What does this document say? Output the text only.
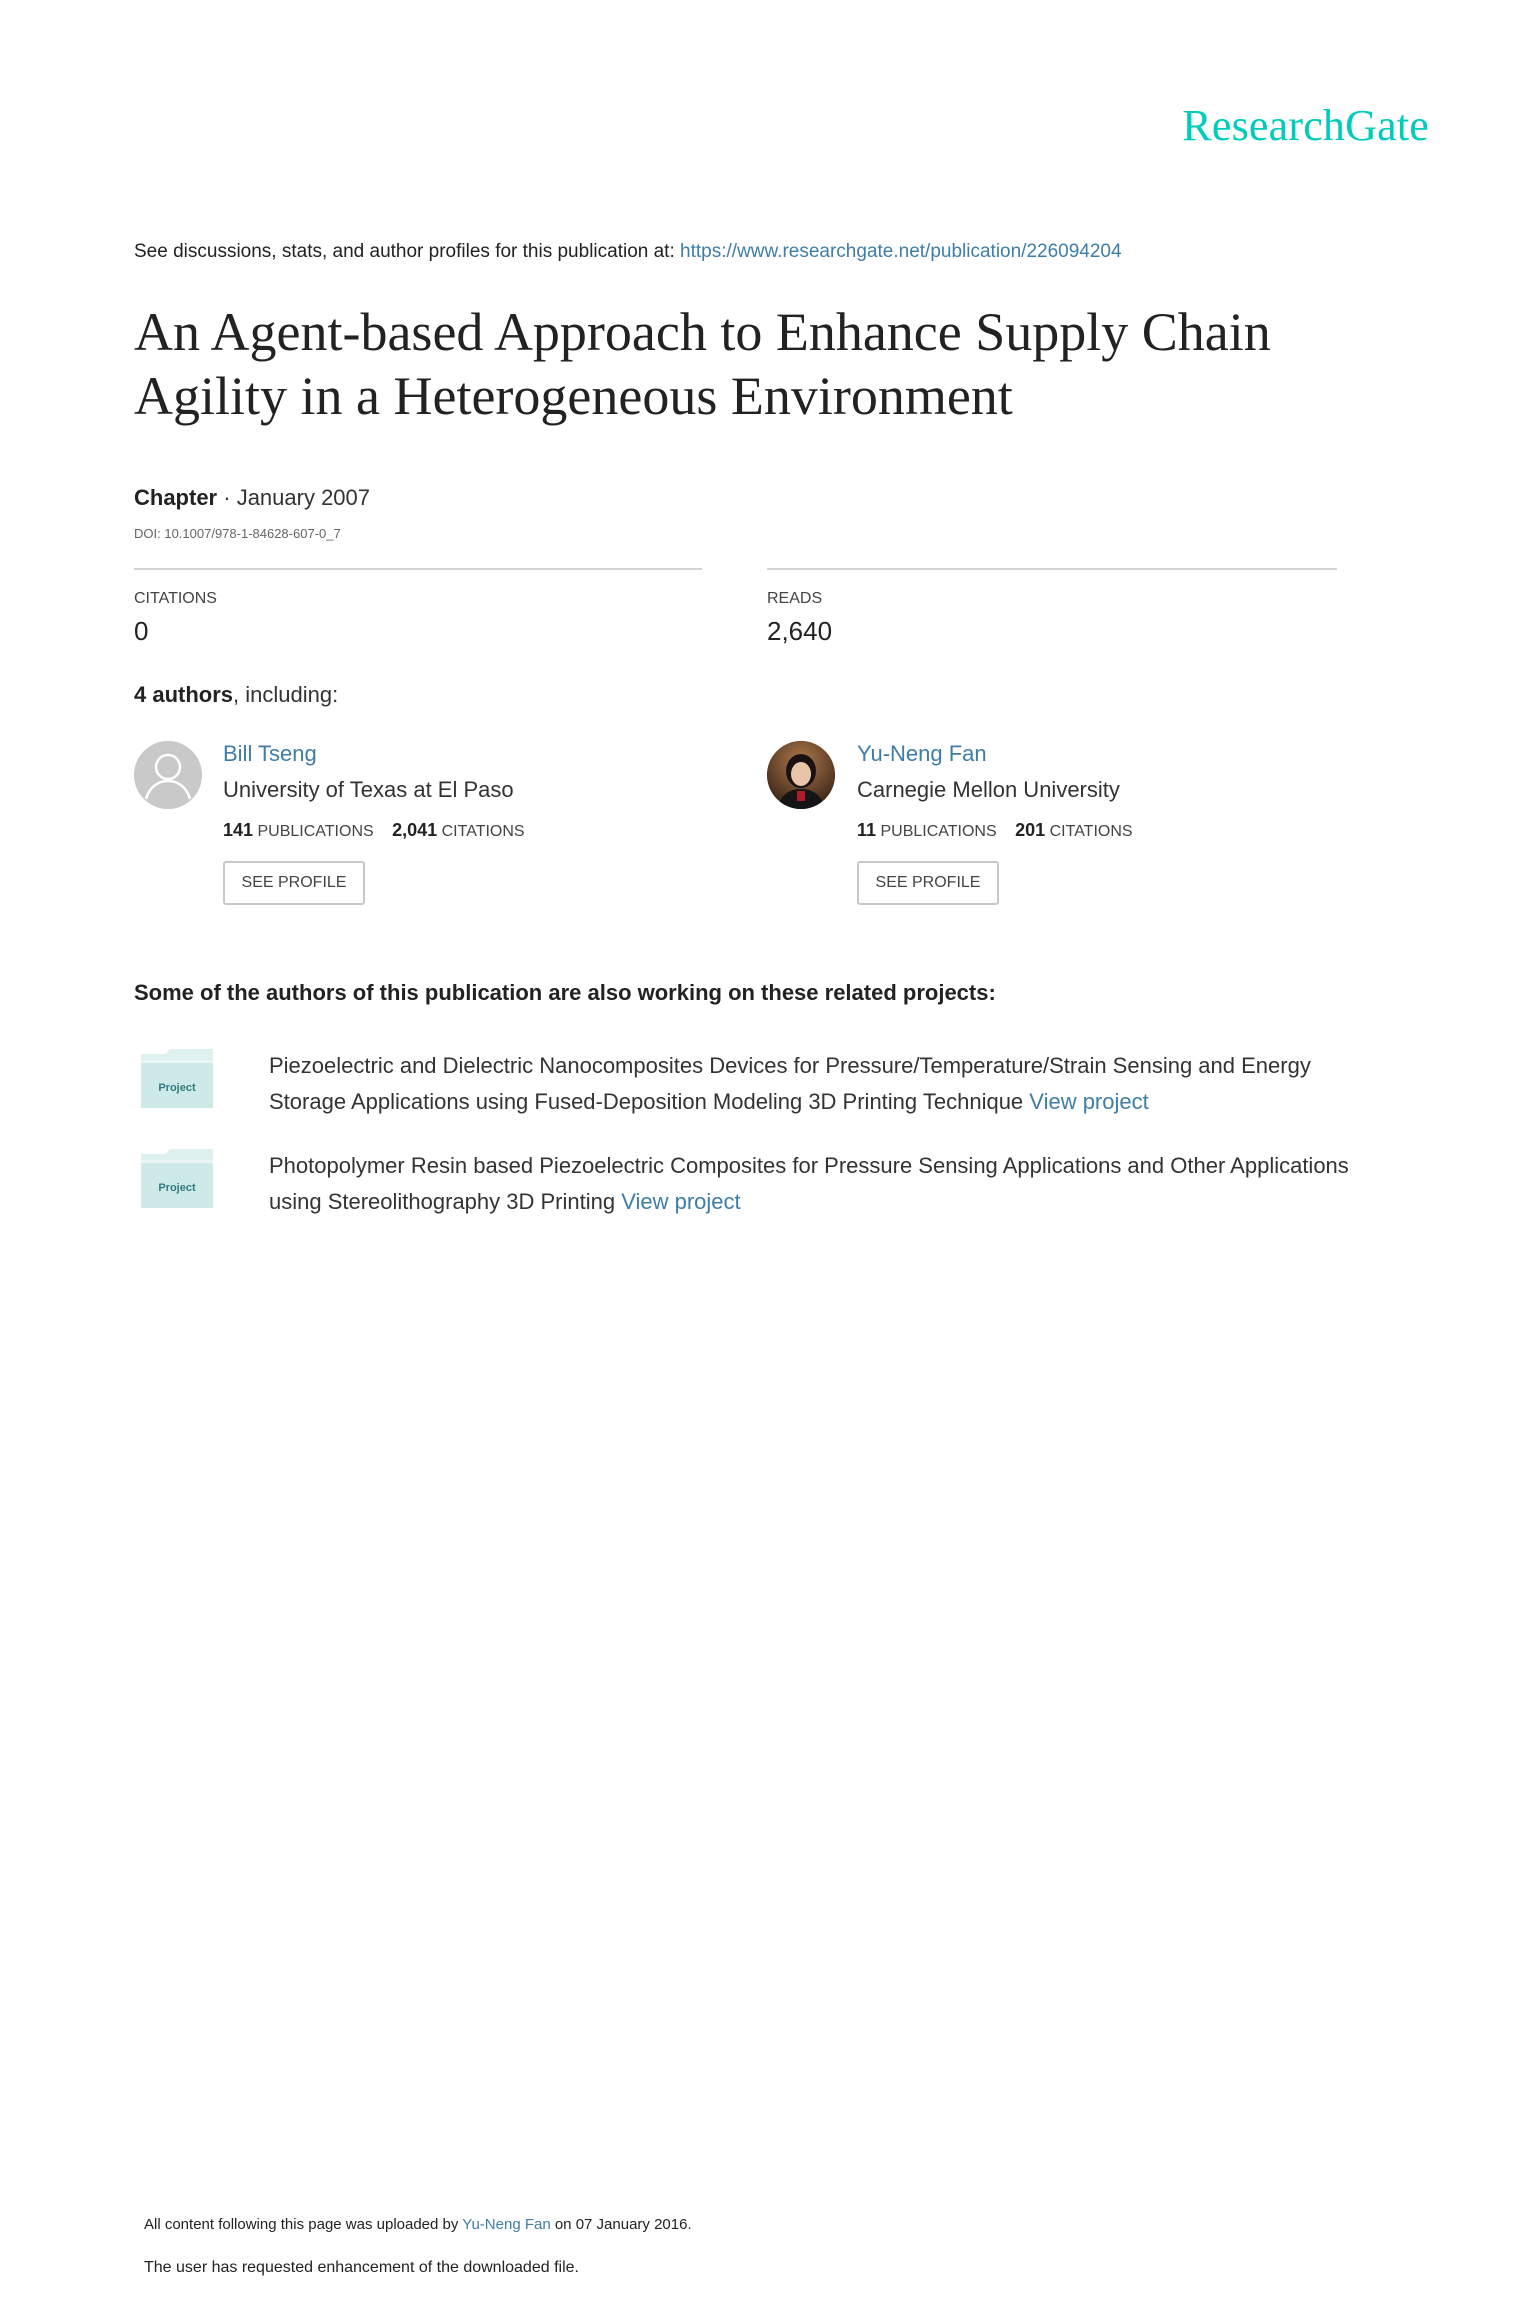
ResearchGate
See discussions, stats, and author profiles for this publication at: https://www.researchgate.net/publication/226094204
An Agent-based Approach to Enhance Supply Chain Agility in a Heterogeneous Environment
Chapter · January 2007
DOI: 10.1007/978-1-84628-607-0_7
CITATIONS
0
READS
2,640
4 authors, including:
Bill Tseng
University of Texas at El Paso
141 PUBLICATIONS 2,041 CITATIONS
SEE PROFILE
Yu-Neng Fan
Carnegie Mellon University
11 PUBLICATIONS 201 CITATIONS
SEE PROFILE
Some of the authors of this publication are also working on these related projects:
Project
Piezoelectric and Dielectric Nanocomposites Devices for Pressure/Temperature/Strain Sensing and Energy Storage Applications using Fused-Deposition Modeling 3D Printing Technique View project
Project
Photopolymer Resin based Piezoelectric Composites for Pressure Sensing Applications and Other Applications using Stereolithography 3D Printing View project
All content following this page was uploaded by Yu-Neng Fan on 07 January 2016.
The user has requested enhancement of the downloaded file.
